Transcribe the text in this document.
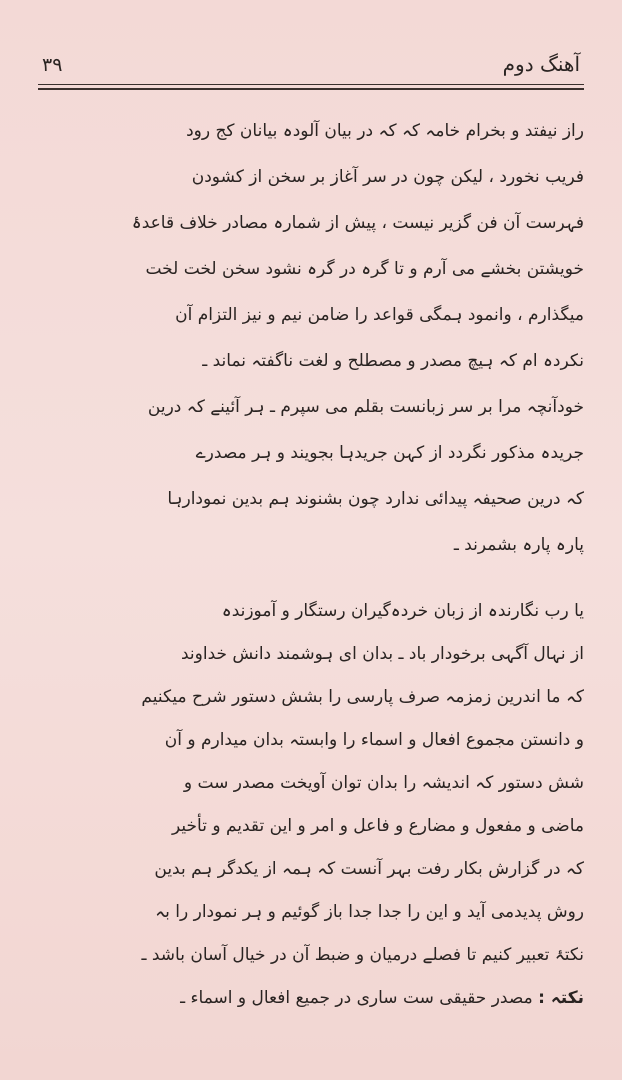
آهنگ دوم
۳۹
راز نیفتد و بخرام خامہ کہ کہ در بیان آلودہ بیانان کج رود
فریب نخورد ، لیکن چون در سر آغاز بر سخن از کشودن
فہرست آن فن گزیر نیست ، پیش از شمارہ مصادر خلاف قاعدۂ
خویشتن بخشے می آرم و تا گرہ در گرہ نشود سخن لخت لخت
میگذارم ، وانمود ہمگی قواعد را ضامن نیم و نیز التزام آن
نکردہ ام کہ ہیچ مصدر و مصطلح و لغت ناگفتہ نماند ـ
خودآنچہ مرا بر سر زبانست بقلم می سپرم ـ ہر آئینے کہ درین
جریدہ مذکور نگردد از کہن جریدہا بجویند و ہر مصدرے
کہ درین صحیفہ پیدائی ندارد چون بشنوند ہم بدین نمودارہا
پارہ پارہ بشمرند ـ
یا رب نگارندہ از زبان خردہ‌گیران رستگار و آموزندہ
از نہال آگہی برخودار باد ـ بدان ای ہوشمند دانش خداوند
کہ ما اندرین زمزمہ صرف پارسی را بشش دستور شرح میکنیم
و دانستن مجموع افعال و اسماء را وابستہ بدان میدارم و آن
شش دستور کہ اندیشہ را بدان توان آویخت مصدر ست و
ماضی و مفعول و مضارع و فاعل و امر و این تقدیم و تأخیر
کہ در گزارش بکار رفت بہر آنست کہ ہمہ از یکدگر ہم بدین
روش پدیدمی آید و این را جدا جدا باز گوئیم و ہر نمودار را بہ
نکتۂ تعبیر کنیم تا فصلے درمیان و ضبط آن در خیال آسان باشد ـ
نکتہ : مصدر حقیقی ست ساری در جمیع افعال و اسماء ـ
